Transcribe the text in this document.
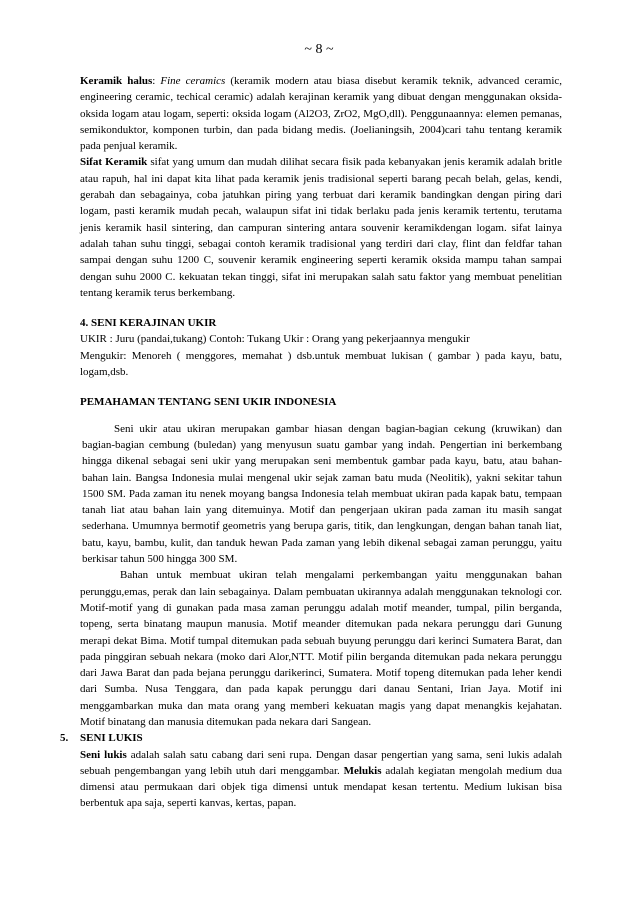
~ 8 ~

Keramik halus: Fine ceramics (keramik modern atau biasa disebut keramik teknik, advanced ceramic, engineering ceramic, techical ceramic) adalah kerajinan keramik yang dibuat dengan menggunakan oksida-oksida logam atau logam, seperti: oksida logam (Al2O3, ZrO2, MgO,dll). Penggunaannya: elemen pemanas, semikonduktor, komponen turbin, dan pada bidang medis. (Joelianingsih, 2004)cari tahu tentang keramik pada penjual keramik.

Sifat Keramik sifat yang umum dan mudah dilihat secara fisik pada kebanyakan jenis keramik adalah britle atau rapuh, hal ini dapat kita lihat pada keramik jenis tradisional seperti barang pecah belah, gelas, kendi, gerabah dan sebagainya, coba jatuhkan piring yang terbuat dari keramik bandingkan dengan piring dari logam, pasti keramik mudah pecah, walaupun sifat ini tidak berlaku pada jenis keramik tertentu, terutama jenis keramik hasil sintering, dan campuran sintering antara souvenir keramikdengan logam. sifat lainya adalah tahan suhu tinggi, sebagai contoh keramik tradisional yang terdiri dari clay, flint dan feldfar tahan sampai dengan suhu 1200 C, souvenir keramik engineering seperti keramik oksida mampu tahan sampai dengan suhu 2000 C. kekuatan tekan tinggi, sifat ini merupakan salah satu faktor yang membuat penelitian tentang keramik terus berkembang.

4. SENI KERAJINAN UKIR

UKIR : Juru (pandai,tukang) Contoh: Tukang Ukir : Orang yang pekerjaannya mengukir

Mengukir: Menoreh ( menggores, memahat ) dsb.untuk membuat lukisan ( gambar ) pada kayu, batu, logam,dsb.

PEMAHAMAN TENTANG SENI UKIR INDONESIA

Seni ukir atau ukiran merupakan gambar hiasan dengan bagian-bagian cekung (kruwikan) dan bagian-bagian cembung (buledan) yang menyusun suatu gambar yang indah. Pengertian ini berkembang hingga dikenal sebagai seni ukir yang merupakan seni membentuk gambar pada kayu, batu, atau bahan-bahan lain. Bangsa Indonesia mulai mengenal ukir sejak zaman batu muda (Neolitik), yakni sekitar tahun 1500 SM. Pada zaman itu nenek moyang bangsa Indonesia telah membuat ukiran pada kapak batu, tempaan tanah liat atau bahan lain yang ditemuinya. Motif dan pengerjaan ukiran pada zaman itu masih sangat sederhana. Umumnya bermotif geometris yang berupa garis, titik, dan lengkungan, dengan bahan tanah liat, batu, kayu, bambu, kulit, dan tanduk hewan Pada zaman yang lebih dikenal sebagai zaman perunggu, yaitu berkisar tahun 500 hingga 300 SM.

Bahan untuk membuat ukiran telah mengalami perkembangan yaitu menggunakan bahan perunggu,emas, perak dan lain sebagainya. Dalam pembuatan ukirannya adalah menggunakan teknologi cor. Motif-motif yang di gunakan pada masa zaman perunggu adalah motif meander, tumpal, pilin berganda, topeng, serta binatang maupun manusia. Motif meander ditemukan pada nekara perunggu dari Gunung merapi dekat Bima. Motif tumpal ditemukan pada sebuah buyung perunggu dari kerinci Sumatera Barat, dan pada pinggiran sebuah nekara (moko dari Alor,NTT. Motif pilin berganda ditemukan pada nekara perunggu dari Jawa Barat dan pada bejana perunggu darikerinci, Sumatera. Motif topeng ditemukan pada leher kendi dari Sumba. Nusa Tenggara, dan pada kapak perunggu dari danau Sentani, Irian Jaya. Motif ini menggambarkan muka dan mata orang yang memberi kekuatan magis yang dapat menangkis kejahatan. Motif binatang dan manusia ditemukan pada nekara dari Sangean.

5. SENI LUKIS

Seni lukis adalah salah satu cabang dari seni rupa. Dengan dasar pengertian yang sama, seni lukis adalah sebuah pengembangan yang lebih utuh dari menggambar. Melukis adalah kegiatan mengolah medium dua dimensi atau permukaan dari objek tiga dimensi untuk mendapat kesan tertentu. Medium lukisan bisa berbentuk apa saja, seperti kanvas, kertas, papan.
